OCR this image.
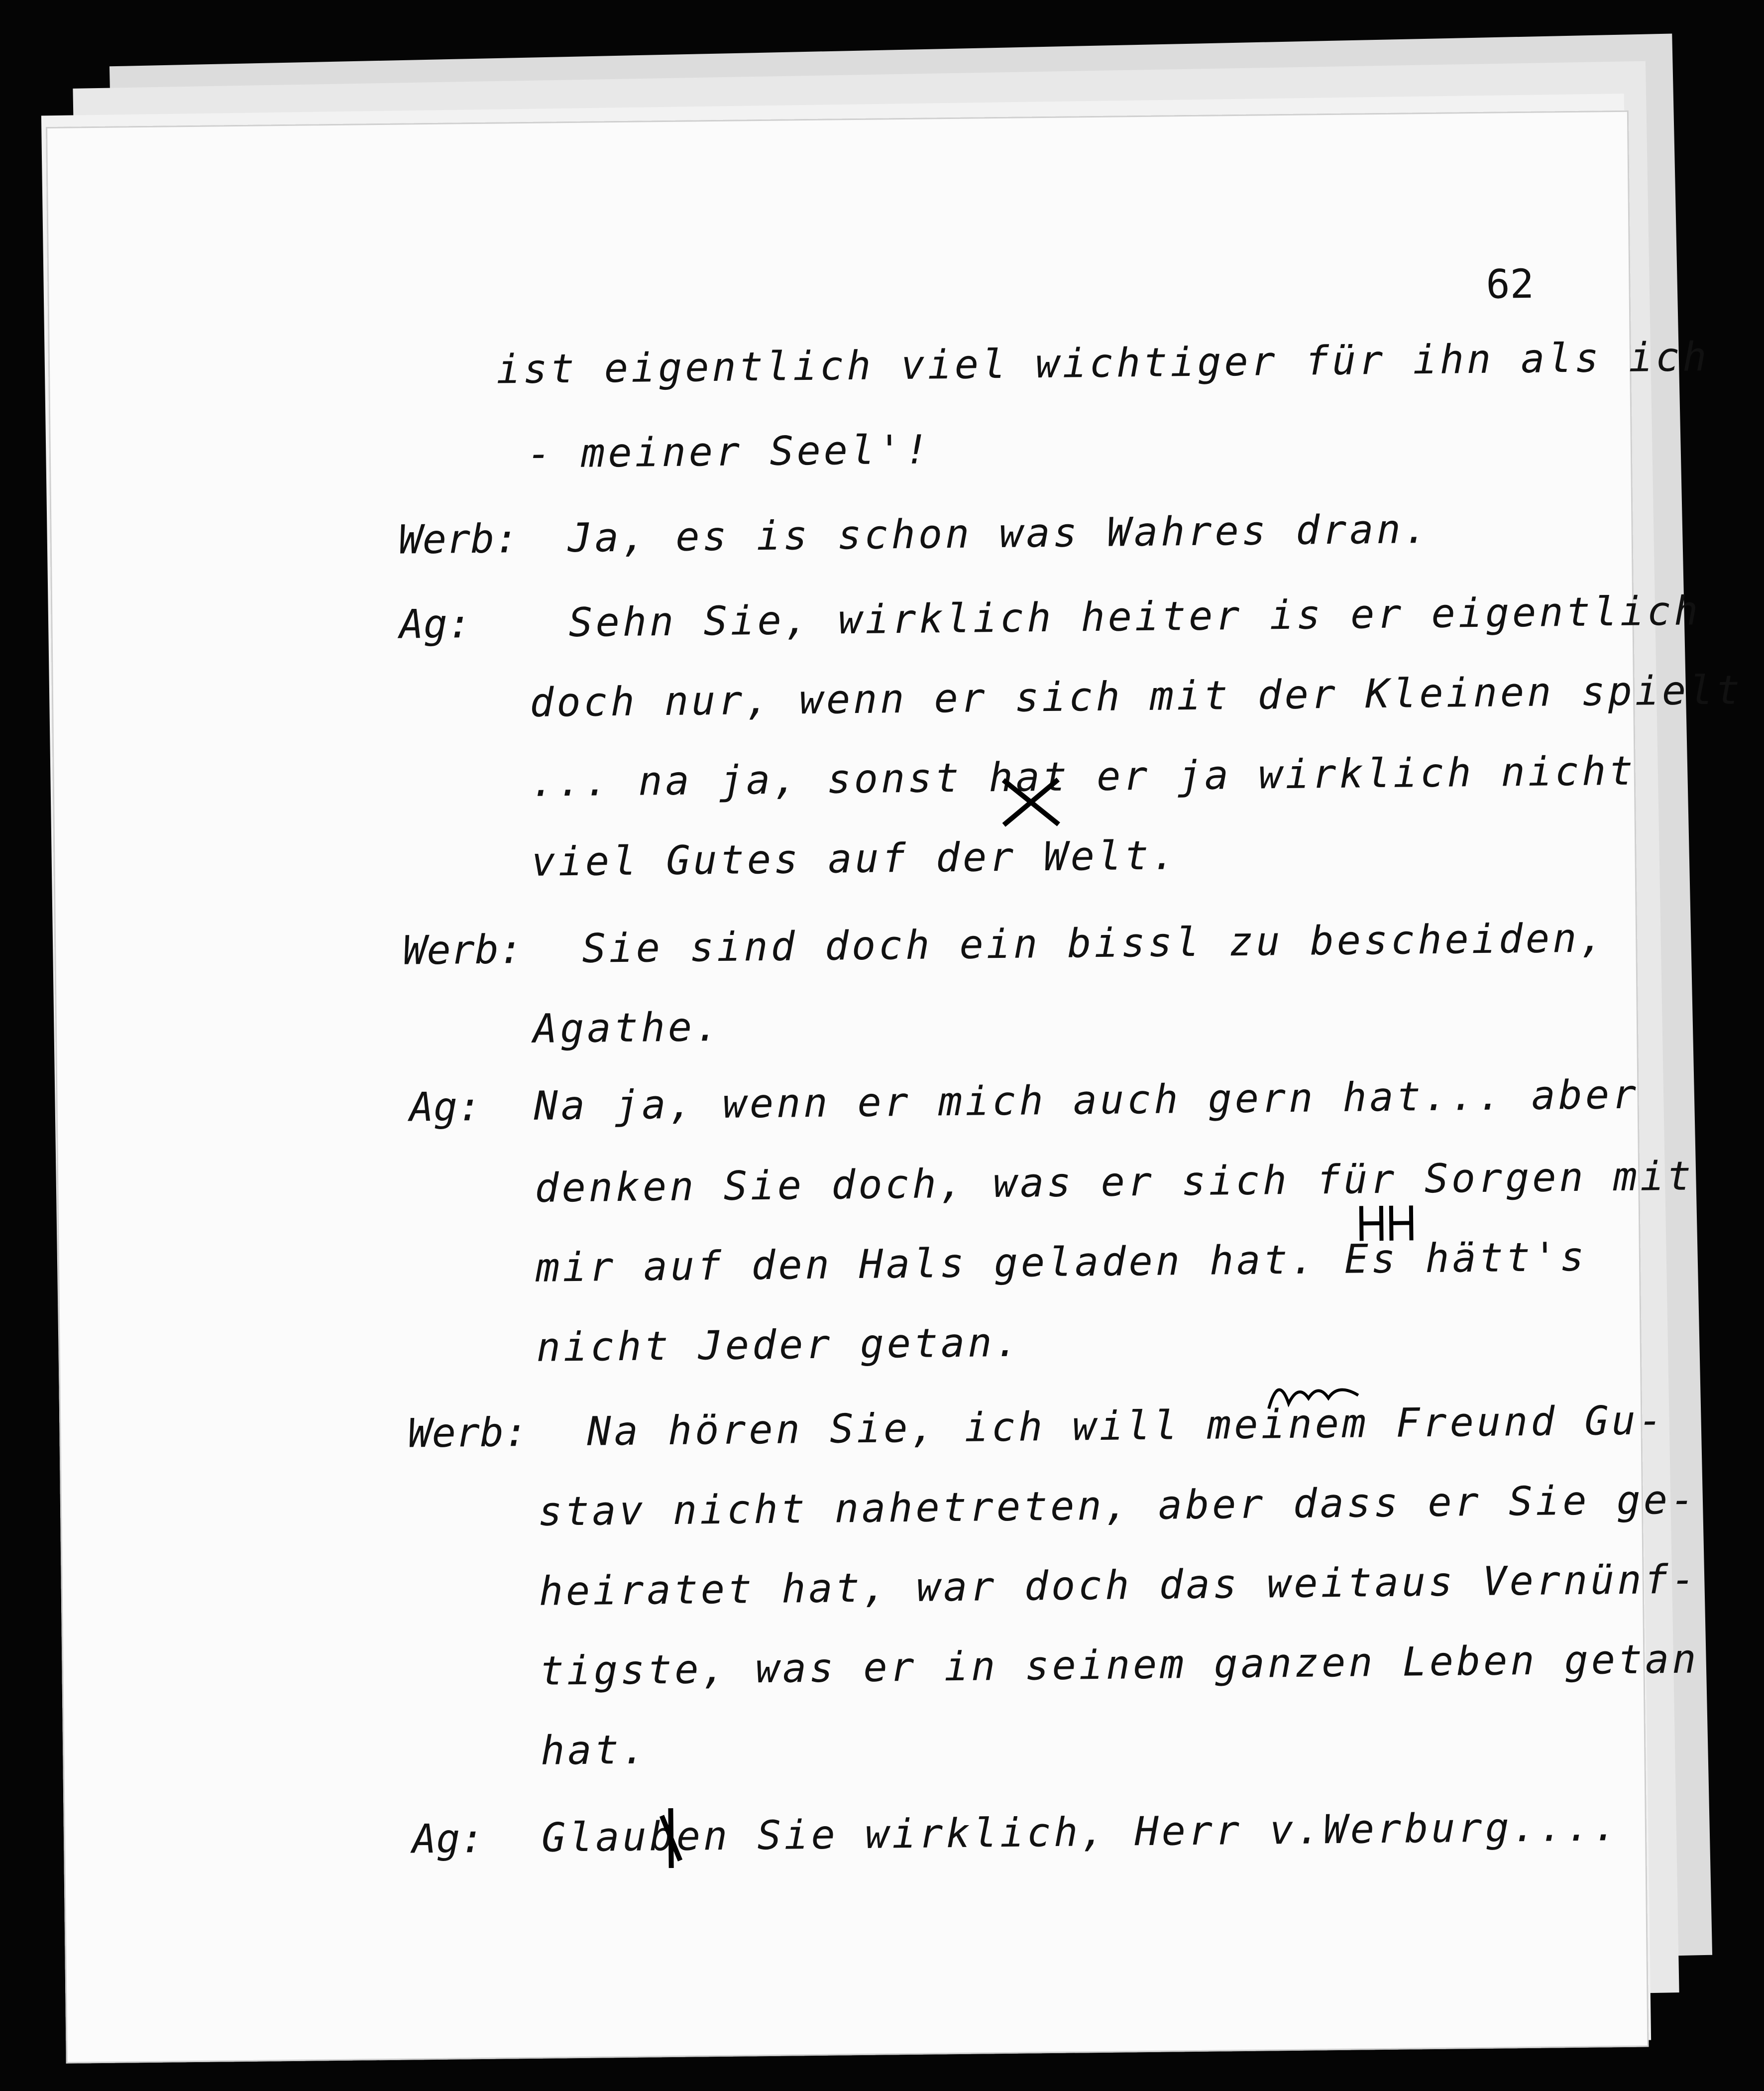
62
ist eigentlich viel wichtiger für ihn als ich
- meiner Seel'!
Werb: Ja, es is schon was Wahres dran.
Ag: Sehn Sie, wirklich heiter is er eigentlich
doch nur, wenn er sich mit der Kleinen spielt
... na ja, sonst hat er ja wirklich nicht
viel Gutes auf der Welt.
Werb: Sie sind doch ein bissl zu bescheiden,
Agathe.
Ag: Na ja, wenn er mich auch gern hat... aber
denken Sie doch, was er sich für Sorgen mit
mir auf den Hals geladen hat. Es hätt's
nicht Jeder getan.
Werb: Na hören Sie, ich will meinem Freund Gu-
stav nicht nahetreten, aber dass er Sie ge-
heiratet hat, war doch das weitaus Vernünf-
tigste, was er in seinem ganzen Leben getan
hat.
Ag: Glauben Sie wirklich, Herr v.Werburg....
